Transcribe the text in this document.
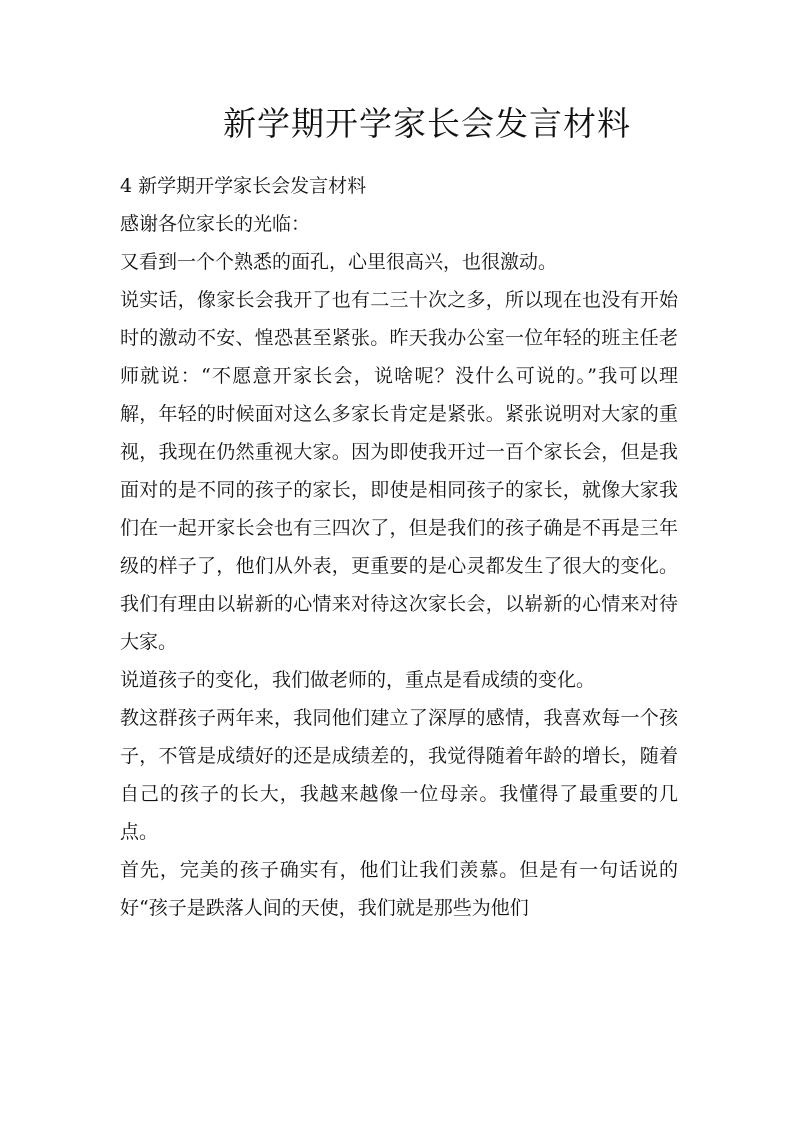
新学期开学家长会发言材料

4 新学期开学家长会发言材料

感谢各位家长的光临：

又看到一个个熟悉的面孔，心里很高兴，也很激动。

说实话，像家长会我开了也有二三十次之多，所以现在也没有开始时的激动不安、惶恐甚至紧张。昨天我办公室一位年轻的班主任老师就说：“不愿意开家长会，说啥呢？没什么可说的。”我可以理解，年轻的时候面对这么多家长肯定是紧张。紧张说明对大家的重视，我现在仍然重视大家。因为即使我开过一百个家长会，但是我面对的是不同的孩子的家长，即使是相同孩子的家长，就像大家我们在一起开家长会也有三四次了，但是我们的孩子确是不再是三年级的样子了，他们从外表，更重要的是心灵都发生了很大的变化。我们有理由以崭新的心情来对待这次家长会，以崭新的心情来对待大家。

说道孩子的变化，我们做老师的，重点是看成绩的变化。

教这群孩子两年来，我同他们建立了深厚的感情，我喜欢每一个孩子，不管是成绩好的还是成绩差的，我觉得随着年龄的增长，随着自己的孩子的长大，我越来越像一位母亲。我懂得了最重要的几点。

首先，完美的孩子确实有，他们让我们羡慕。但是有一句话说的好“孩子是跌落人间的天使，我们就是那些为他们
